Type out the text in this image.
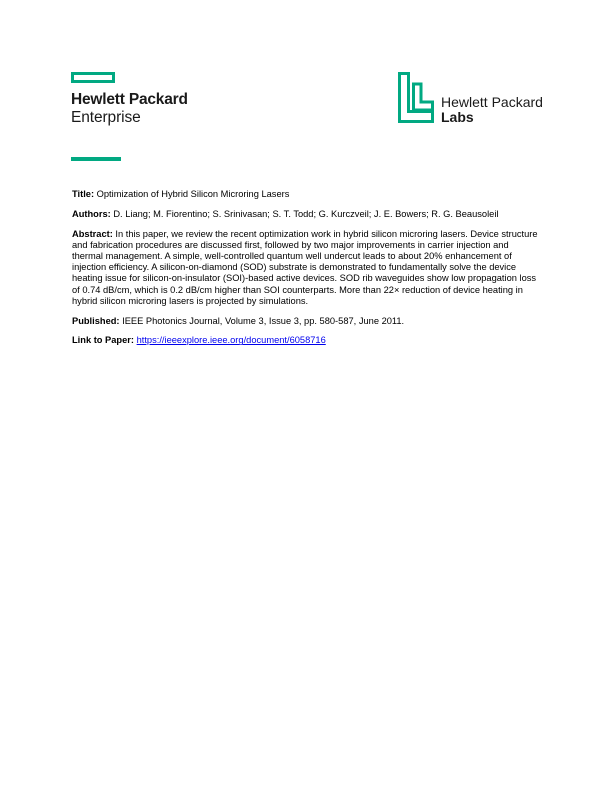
Hewlett Packard
Enterprise
Hewlett Packard
Labs

Title: Optimization of Hybrid Silicon Microring Lasers

Authors: D. Liang; M. Fiorentino; S. Srinivasan; S. T. Todd; G. Kurczveil; J. E. Bowers; R. G. Beausoleil

Abstract: In this paper, we review the recent optimization work in hybrid silicon microring lasers. Device structure and fabrication procedures are discussed first, followed by two major improvements in carrier injection and thermal management. A simple, well-controlled quantum well undercut leads to about 20% enhancement of injection efficiency. A silicon-on-diamond (SOD) substrate is demonstrated to fundamentally solve the device heating issue for silicon-on-insulator (SOI)-based active devices. SOD rib waveguides show low propagation loss of 0.74 dB/cm, which is 0.2 dB/cm higher than SOI counterparts. More than 22× reduction of device heating in hybrid silicon microring lasers is projected by simulations.

Published: IEEE Photonics Journal, Volume 3, Issue 3, pp. 580-587, June 2011.

Link to Paper: https://ieeexplore.ieee.org/document/6058716
